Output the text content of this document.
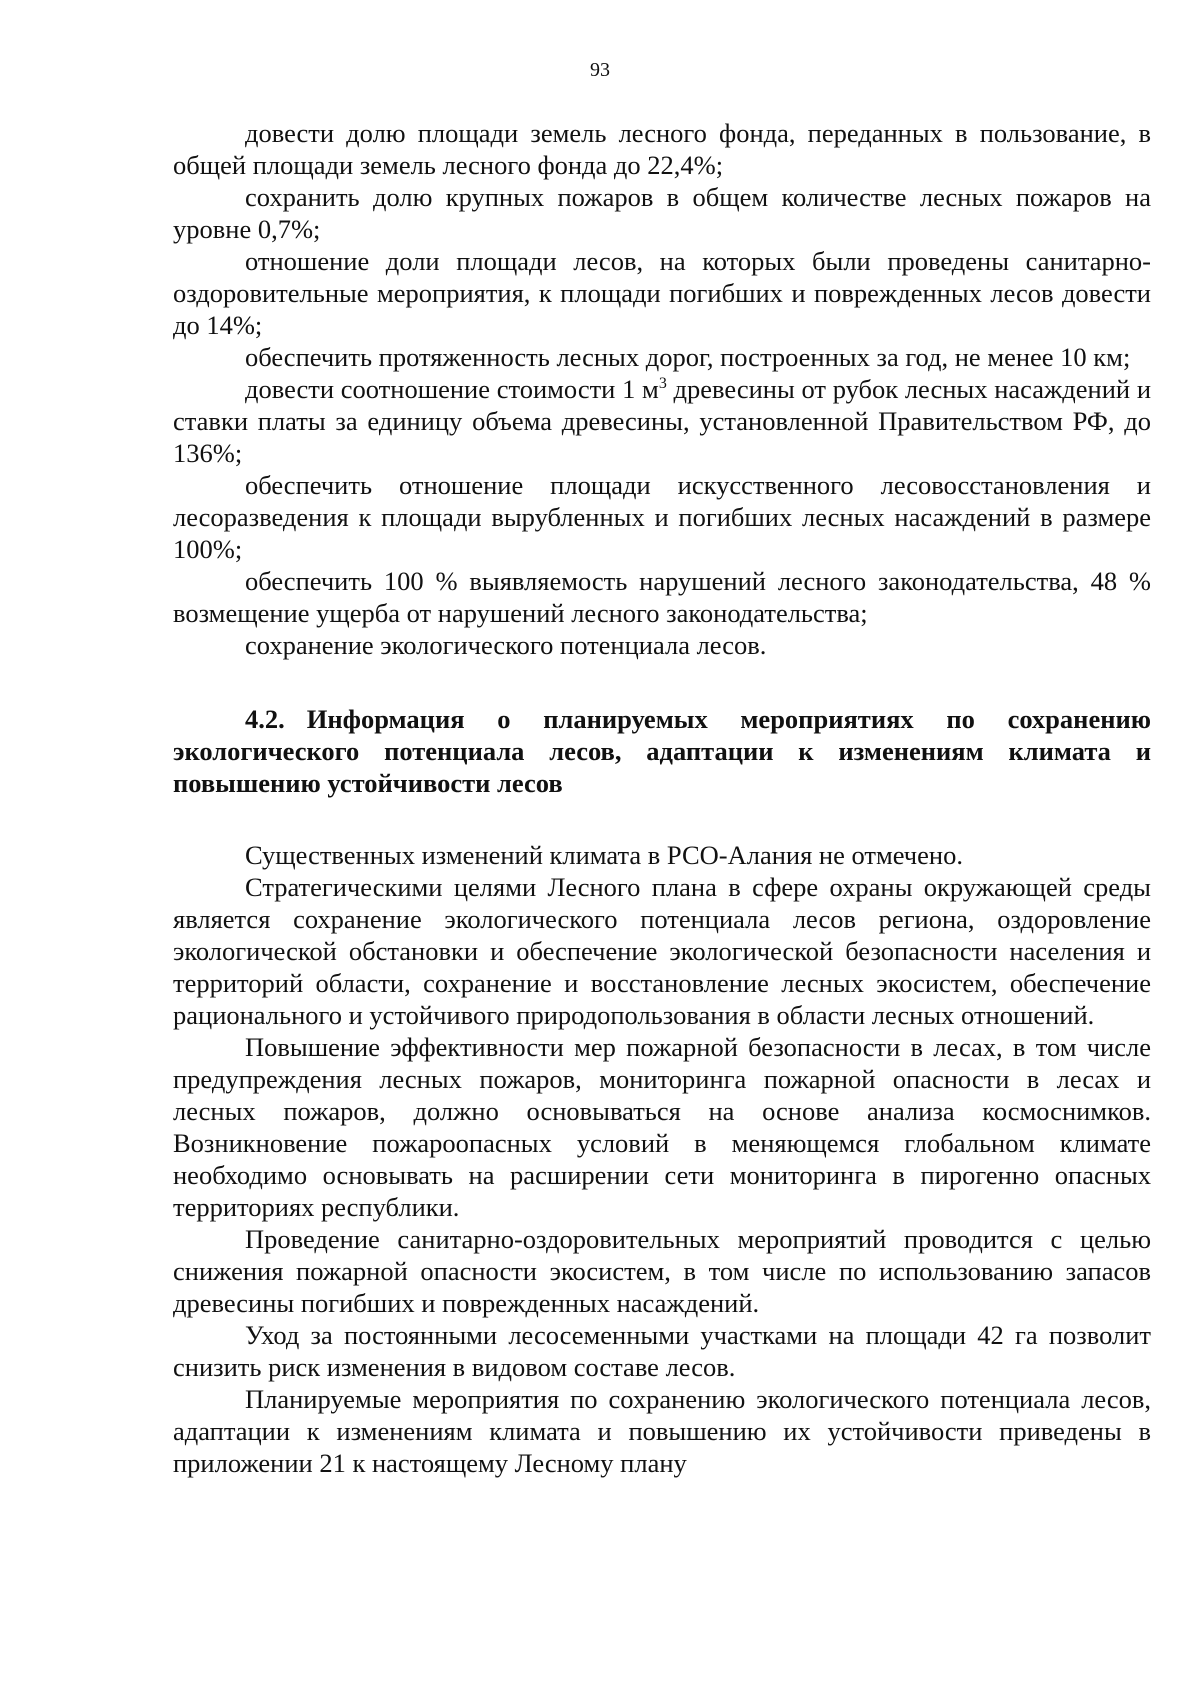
93

довести долю площади земель лесного фонда, переданных в пользование, в общей площади земель лесного фонда до 22,4%;

сохранить долю крупных пожаров в общем количестве лесных пожаров на уровне 0,7%;

отношение доли площади лесов, на которых были проведены санитарно-оздоровительные мероприятия, к площади погибших и поврежденных лесов довести до 14%;

обеспечить протяженность лесных дорог, построенных за год, не менее 10 км;

довести соотношение стоимости 1 $м^3$ древесины от рубок лесных насаждений и ставки платы за единицу объема древесины, установленной Правительством РФ, до 136%;

обеспечить отношение площади искусственного лесовосстановления и лесоразведения к площади вырубленных и погибших лесных насаждений в размере 100%;

обеспечить 100 % выявляемость нарушений лесного законодательства, 48 % возмещение ущерба от нарушений лесного законодательства;

сохранение экологического потенциала лесов.

4.2. Информация о планируемых мероприятиях по сохранению экологического потенциала лесов, адаптации к изменениям климата и повышению устойчивости лесов

Существенных изменений климата в РСО-Алания не отмечено.

Стратегическими целями Лесного плана в сфере охраны окружающей среды является сохранение экологического потенциала лесов региона, оздоровление экологической обстановки и обеспечение экологической безопасности населения и территорий области, сохранение и восстановление лесных экосистем, обеспечение рационального и устойчивого природопользования в области лесных отношений.

Повышение эффективности мер пожарной безопасности в лесах, в том числе предупреждения лесных пожаров, мониторинга пожарной опасности в лесах и лесных пожаров, должно основываться на основе анализа космоснимков. Возникновение пожароопасных условий в меняющемся глобальном климате необходимо основывать на расширении сети мониторинга в пирогенно опасных территориях республики.

Проведение санитарно-оздоровительных мероприятий проводится с целью снижения пожарной опасности экосистем, в том числе по использованию запасов древесины погибших и поврежденных насаждений.

Уход за постоянными лесосеменными участками на площади 42 га позволит снизить риск изменения в видовом составе лесов.

Планируемые мероприятия по сохранению экологического потенциала лесов, адаптации к изменениям климата и повышению их устойчивости приведены в приложении 21 к настоящему Лесному плану
